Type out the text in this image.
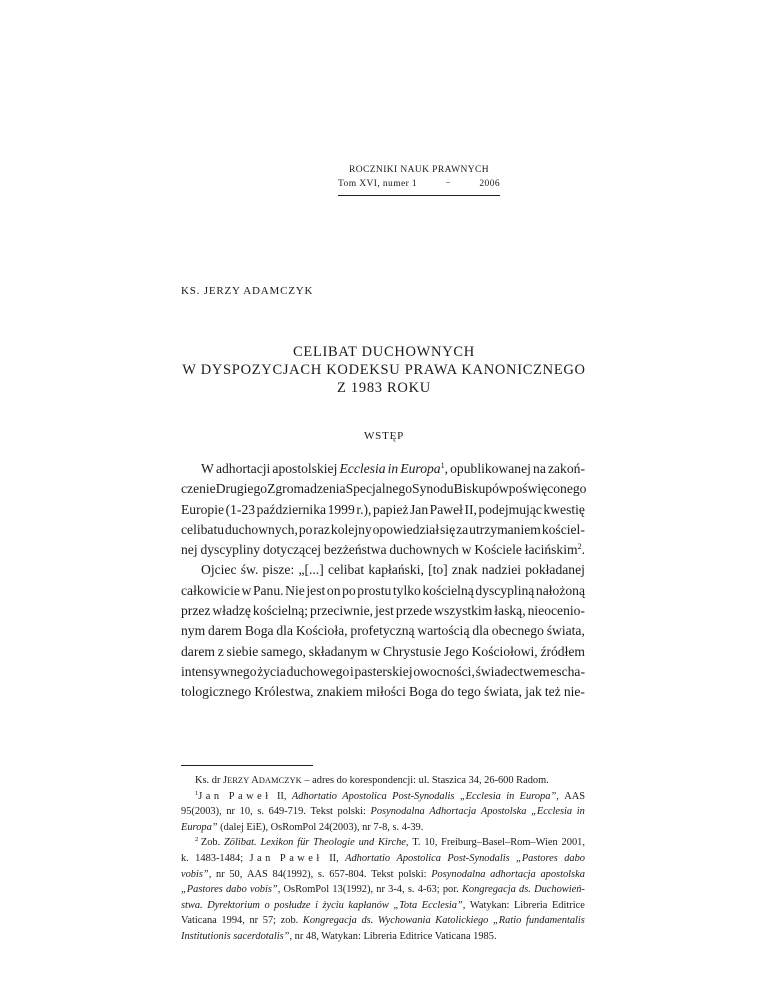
ROCZNIKI NAUK PRAWNYCH
Tom XVI, numer 1	−	2006
KS. JERZY ADAMCZYK
CELIBAT DUCHOWNYCH
W DYSPOZYCJACH KODEKSU PRAWA KANONICZNEGO
Z 1983 ROKU
WSTĘP
W adhortacji apostolskiej Ecclesia in Europa$^1$, opublikowanej na zakoń-
czenie Drugiego Zgromadzenia Specjalnego Synodu Biskupów poświęconego
Europie (1-23 października 1999 r.), papież Jan Paweł II, podejmując kwestię
celibatu duchownych, po raz kolejny opowiedział się za utrzymaniem kościel-
nej dyscypliny dotyczącej bezżeństwa duchownych w Kościele łacińskim$^2$.
Ojciec św. pisze: „[...] celibat kapłański, [to] znak nadziei pokładanej
całkowicie w Panu. Nie jest on po prostu tylko kościelną dyscypliną nałożoną
przez władzę kościelną; przeciwnie, jest przede wszystkim łaską, nieocenio-
nym darem Boga dla Kościoła, profetyczną wartością dla obecnego świata,
darem z siebie samego, składanym w Chrystusie Jego Kościołowi, źródłem
intensywnego życia duchowego i pasterskiej owocności, świadectwem escha-
tologicznego Królestwa, znakiem miłości Boga do tego świata, jak też nie-
Ks. dr JERZY ADAMCZYK – adres do korespondencji: ul. Staszica 34, 26-600 Radom.
$^1$Jan Paweł II, Adhortatio Apostolica Post-Synodalis „Ecclesia in Europa”, AAS
95(2003), nr 10, s. 649-719. Tekst polski: Posynodalna Adhortacja Apostolska „Ecclesia in
Europa” (dalej EiE), OsRomPol 24(2003), nr 7-8, s. 4-39.
$^2$ Zob. Zölibat. Lexikon für Theologie und Kirche, T. 10, Freiburg–Basel–Rom–Wien 2001,
k. 1483-1484; Jan Paweł II, Adhortatio Apostolica Post-Synodalis „Pastores dabo
vobis”, nr 50, AAS 84(1992), s. 657-804. Tekst polski: Posynodalna adhortacja apostolska
„Pastores dabo vobis”, OsRomPol 13(1992), nr 3-4, s. 4-63; por. Kongregacja ds. Duchowień-
stwa. Dyrektorium o posłudze i życiu kapłanów „Tota Ecclesia”, Watykan: Libreria Editrice
Vaticana 1994, nr 57; zob. Kongregacja ds. Wychowania Katolickiego „Ratio fundamentalis
Institutionis sacerdotalis”, nr 48, Watykan: Libreria Editrice Vaticana 1985.
